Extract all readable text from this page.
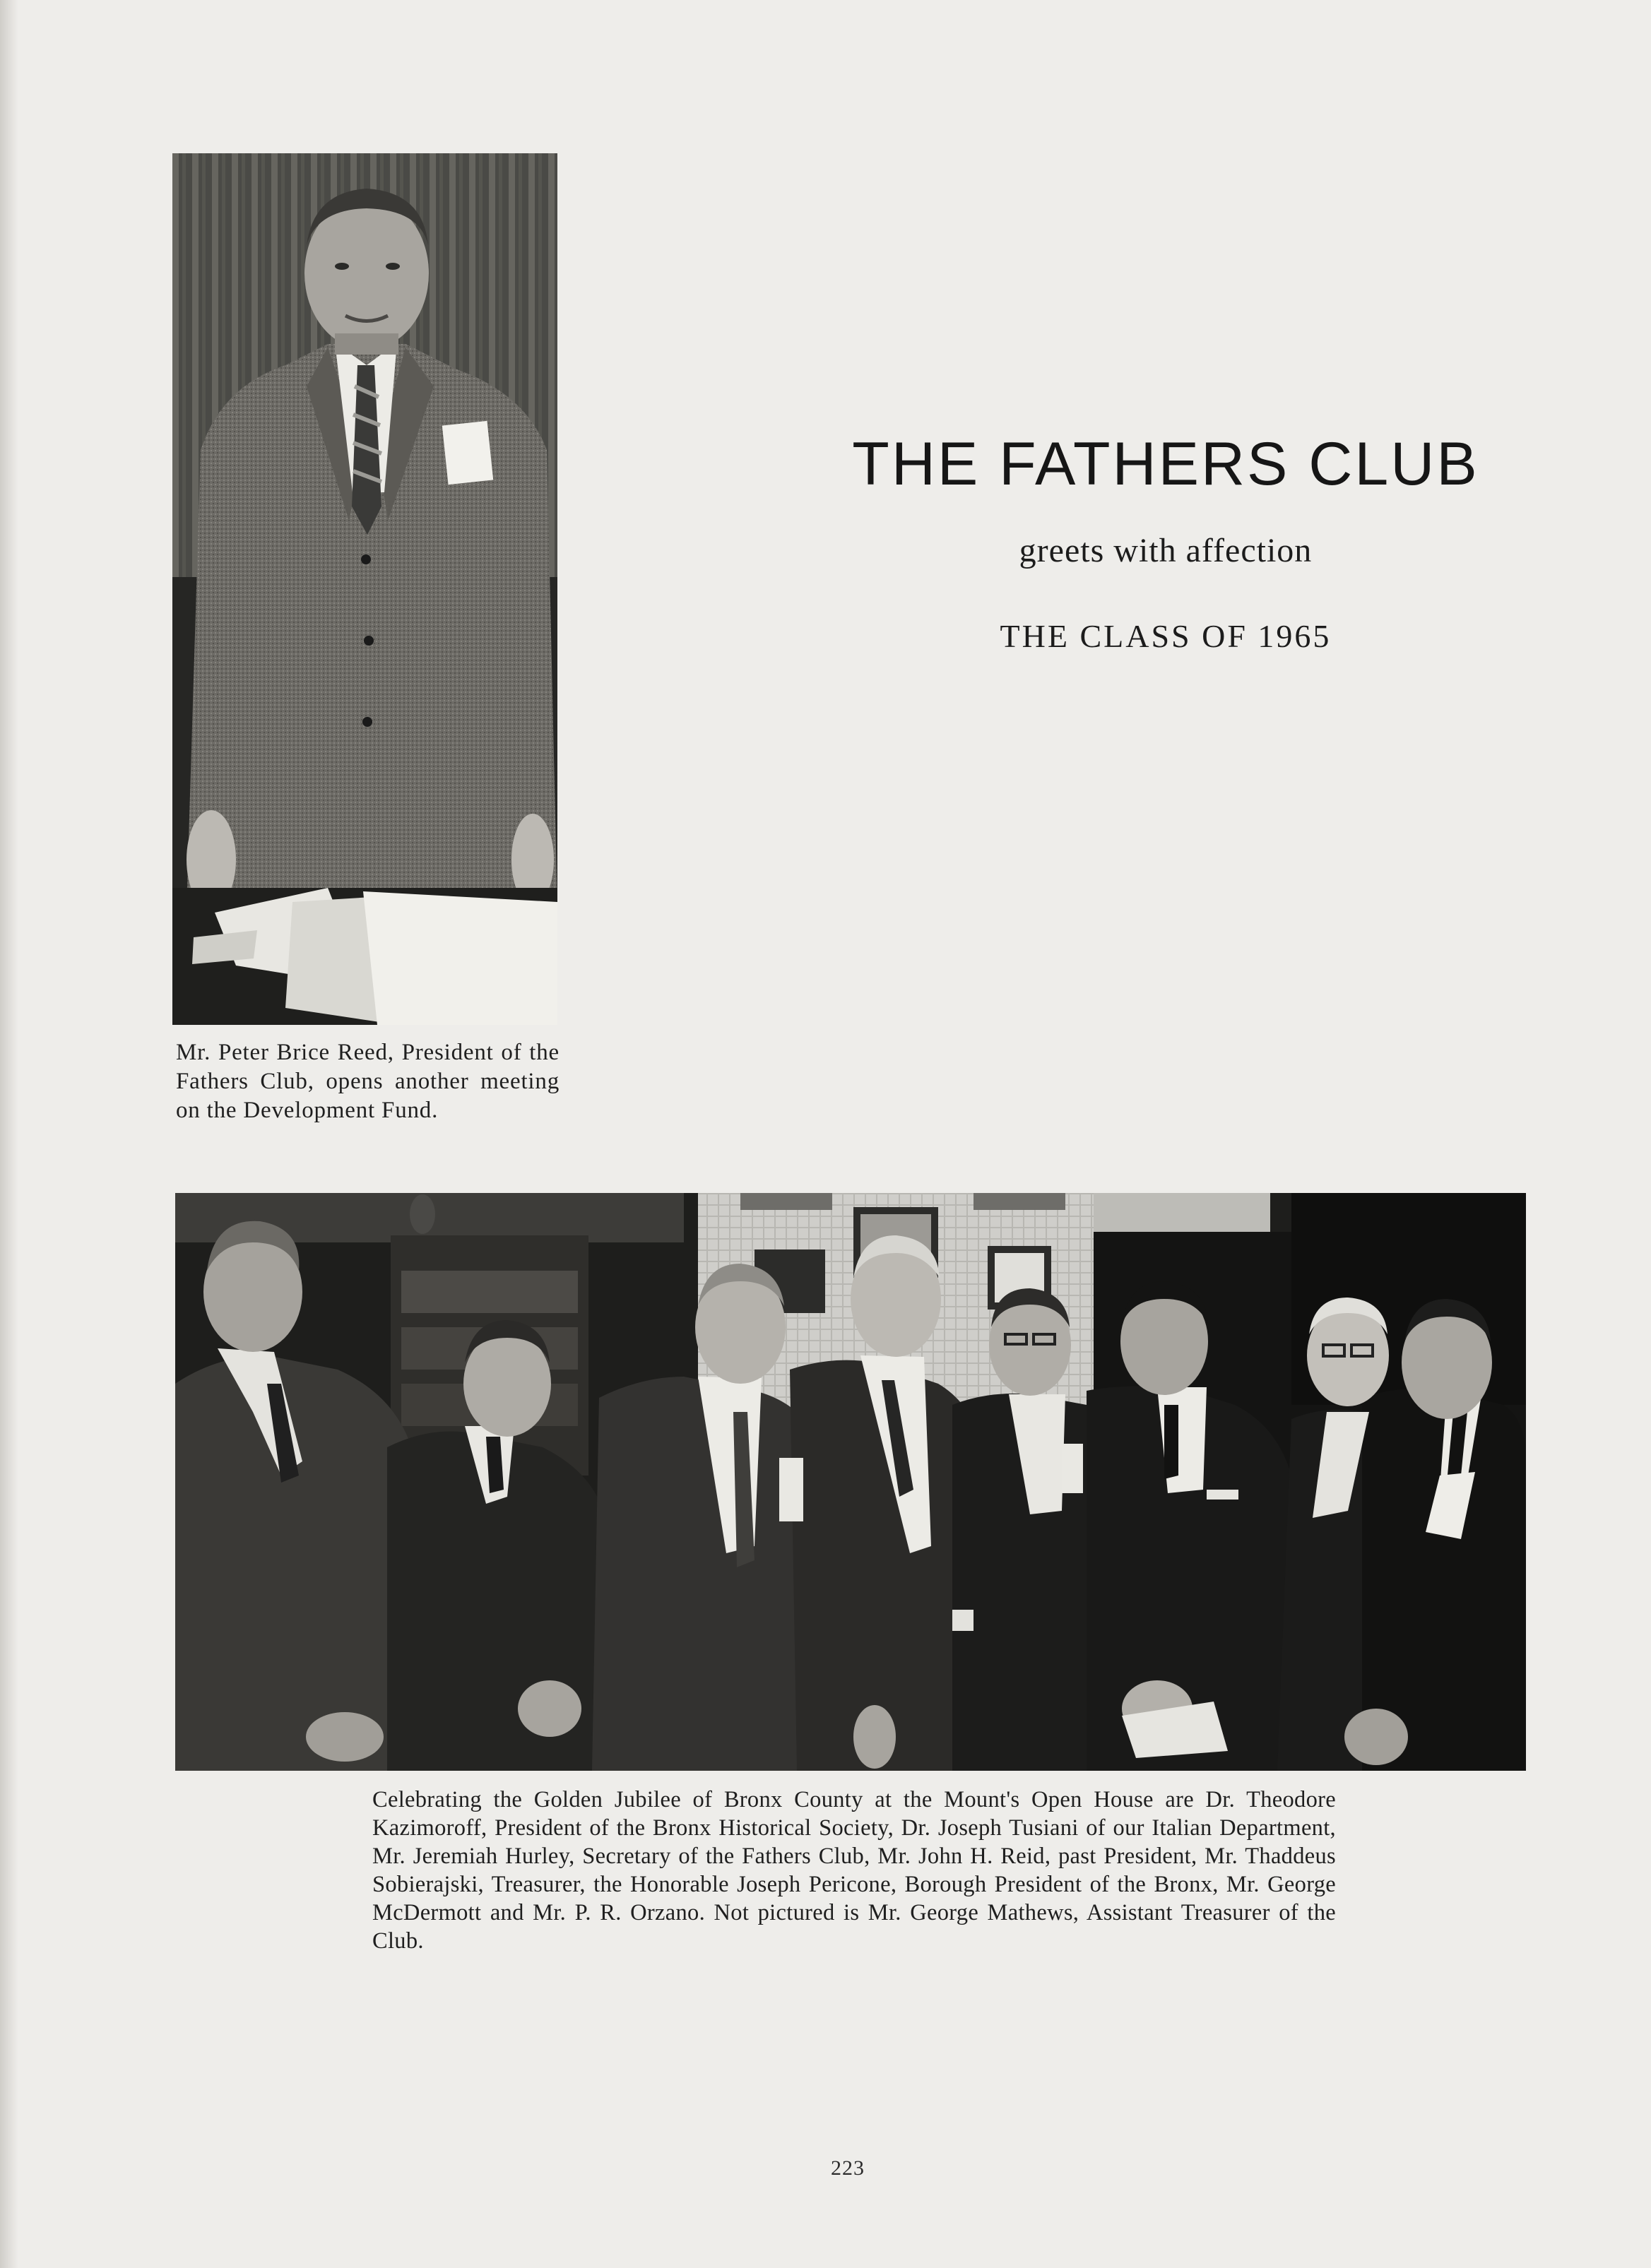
Mr. Peter Brice Reed, President of the Fathers Club, opens another meeting on the Development Fund.

THE FATHERS CLUB

greets with affection

THE CLASS OF 1965

Celebrating the Golden Jubilee of Bronx County at the Mount's Open House are Dr. Theodore Kazimoroff, President of the Bronx Historical Society, Dr. Joseph Tusiani of our Italian Department, Mr. Jeremiah Hurley, Secretary of the Fathers Club, Mr. John H. Reid, past President, Mr. Thaddeus Sobierajski, Treasurer, the Honorable Joseph Pericone, Borough President of the Bronx, Mr. George McDermott and Mr. P. R. Orzano. Not pictured is Mr. George Mathews, Assistant Treasurer of the Club.

223
